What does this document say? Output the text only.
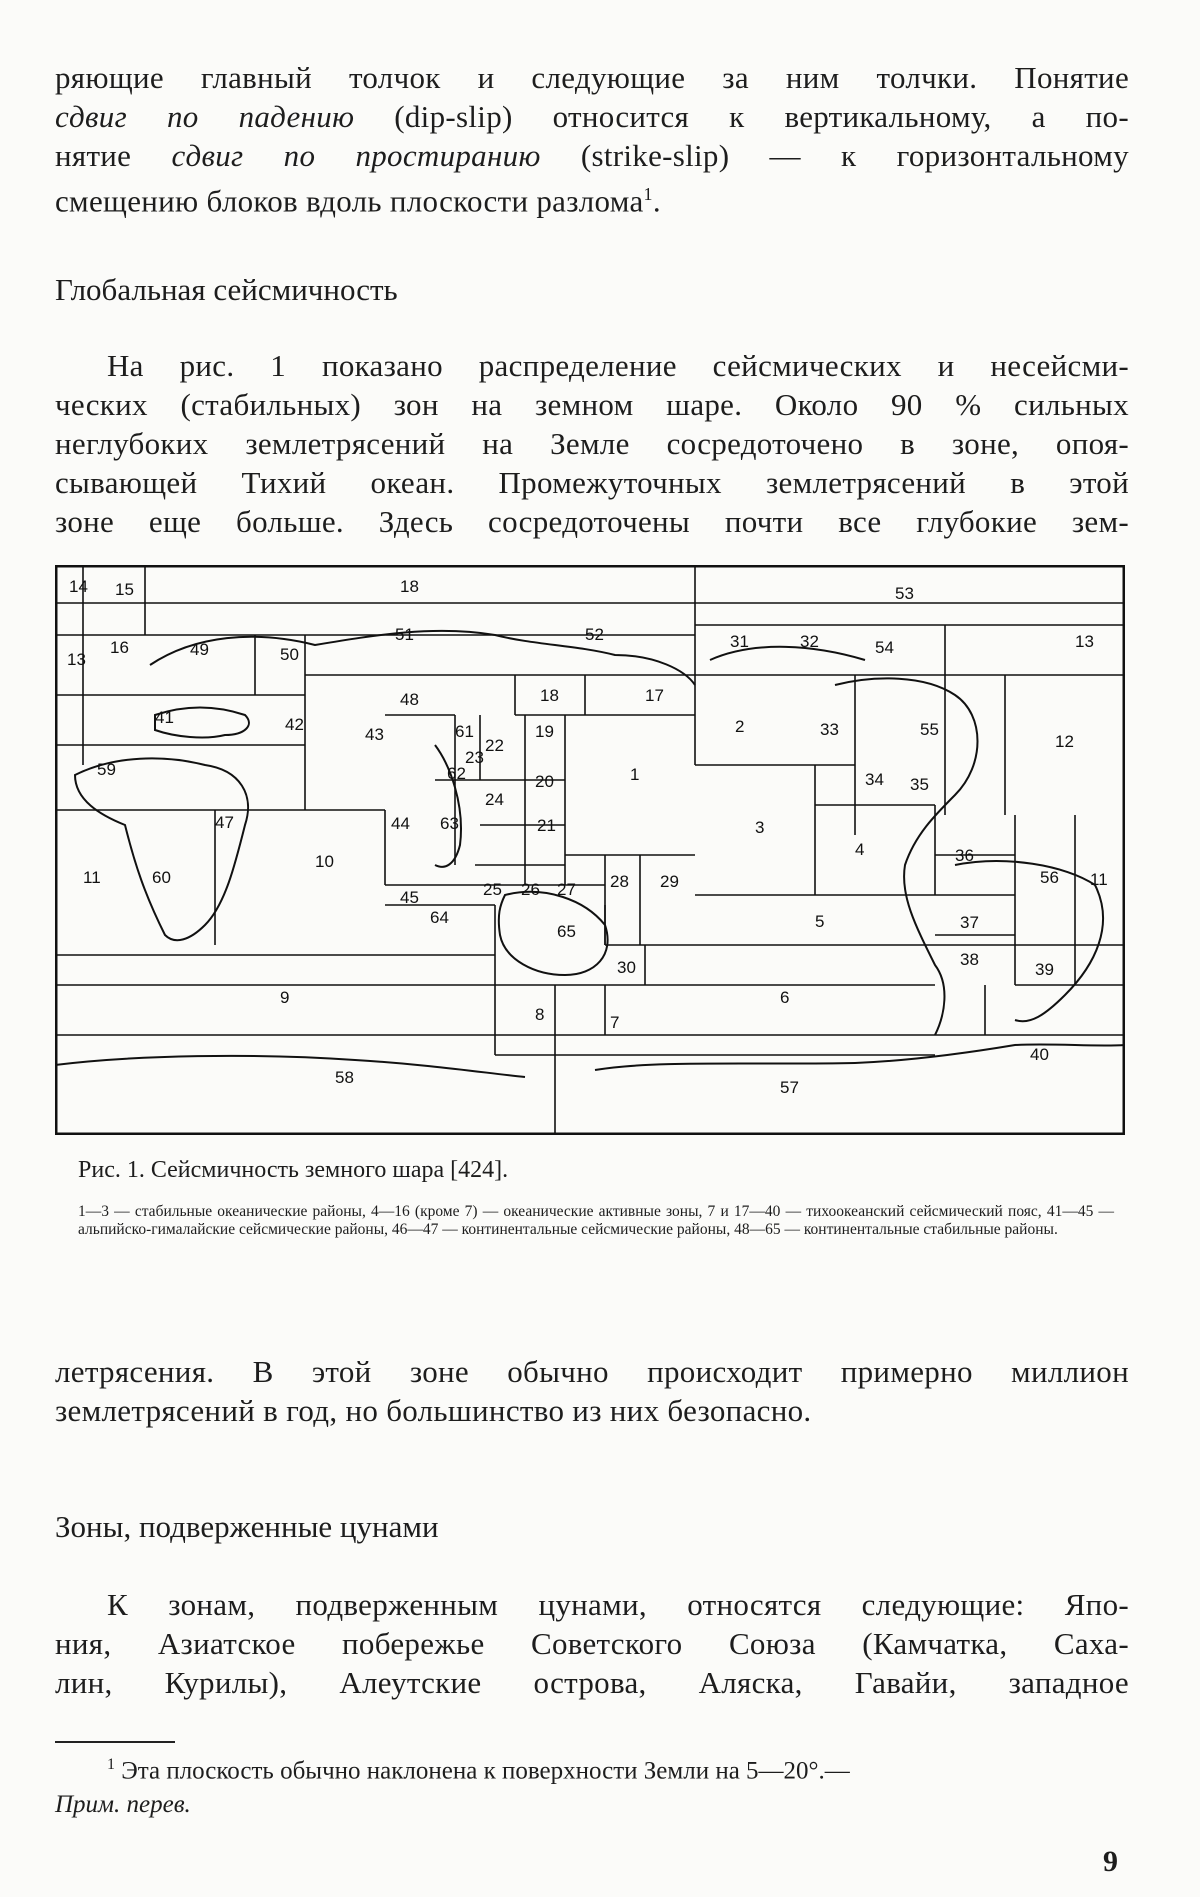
ряющие главный толчок и следующие за ним толчки. Понятие
сдвиг по падению (dip-slip) относится к вертикальному, а по-
нятие сдвиг по простиранию (strike-slip) — к горизонтальному
смещению блоков вдоль плоскости разлома$^1$.
Глобальная сейсмичность
На рис. 1 показано распределение сейсмических и несейсми-
ческих (стабильных) зон на земном шаре. Около 90 % сильных
неглубоких землетрясений на Земле сосредоточено в зоне, опоя-
сывающей Тихий океан. Промежуточных землетрясений в этой
зоне еще больше. Здесь сосредоточены почти все глубокие зем-
14 15	18	53
13
16	49	50
51	52	31	32	54	13
48	18	17
41	42
43	61	19
22
23
2	33	55
12
59	62	20	1
24
34 35
47	44 63	21	3
11	60
10
45	25 26 27
4	36
56 11
64
28 29
65
5	37
30
9
8	7
6
38
39
58
57
40

Рис. 1. Сейсмичность земного шара [424].

1—3 — стабильные океанические районы, 4—16 (кроме 7) — океанические активные зоны, 7 и 17—40 — тихоокеанский сейсмический пояс, 41—45 — альпийско-гималайские сейсмические районы, 46—47 — континентальные сейсмические районы, 48—65 — континентальные стабильные районы.

летрясения. В этой зоне обычно происходит примерно миллион
землетрясений в год, но большинство из них безопасно.
Зоны, подверженные цунами
К зонам, подверженным цунами, относятся следующие: Япо-
ния, Азиатское побережье Советского Союза (Камчатка, Саха-
лин, Курилы), Алеутские острова, Аляска, Гавайи, западное

$^1$ Эта плоскость обычно наклонена к поверхности Земли на 5—20°.—
Прим. перев.

9
